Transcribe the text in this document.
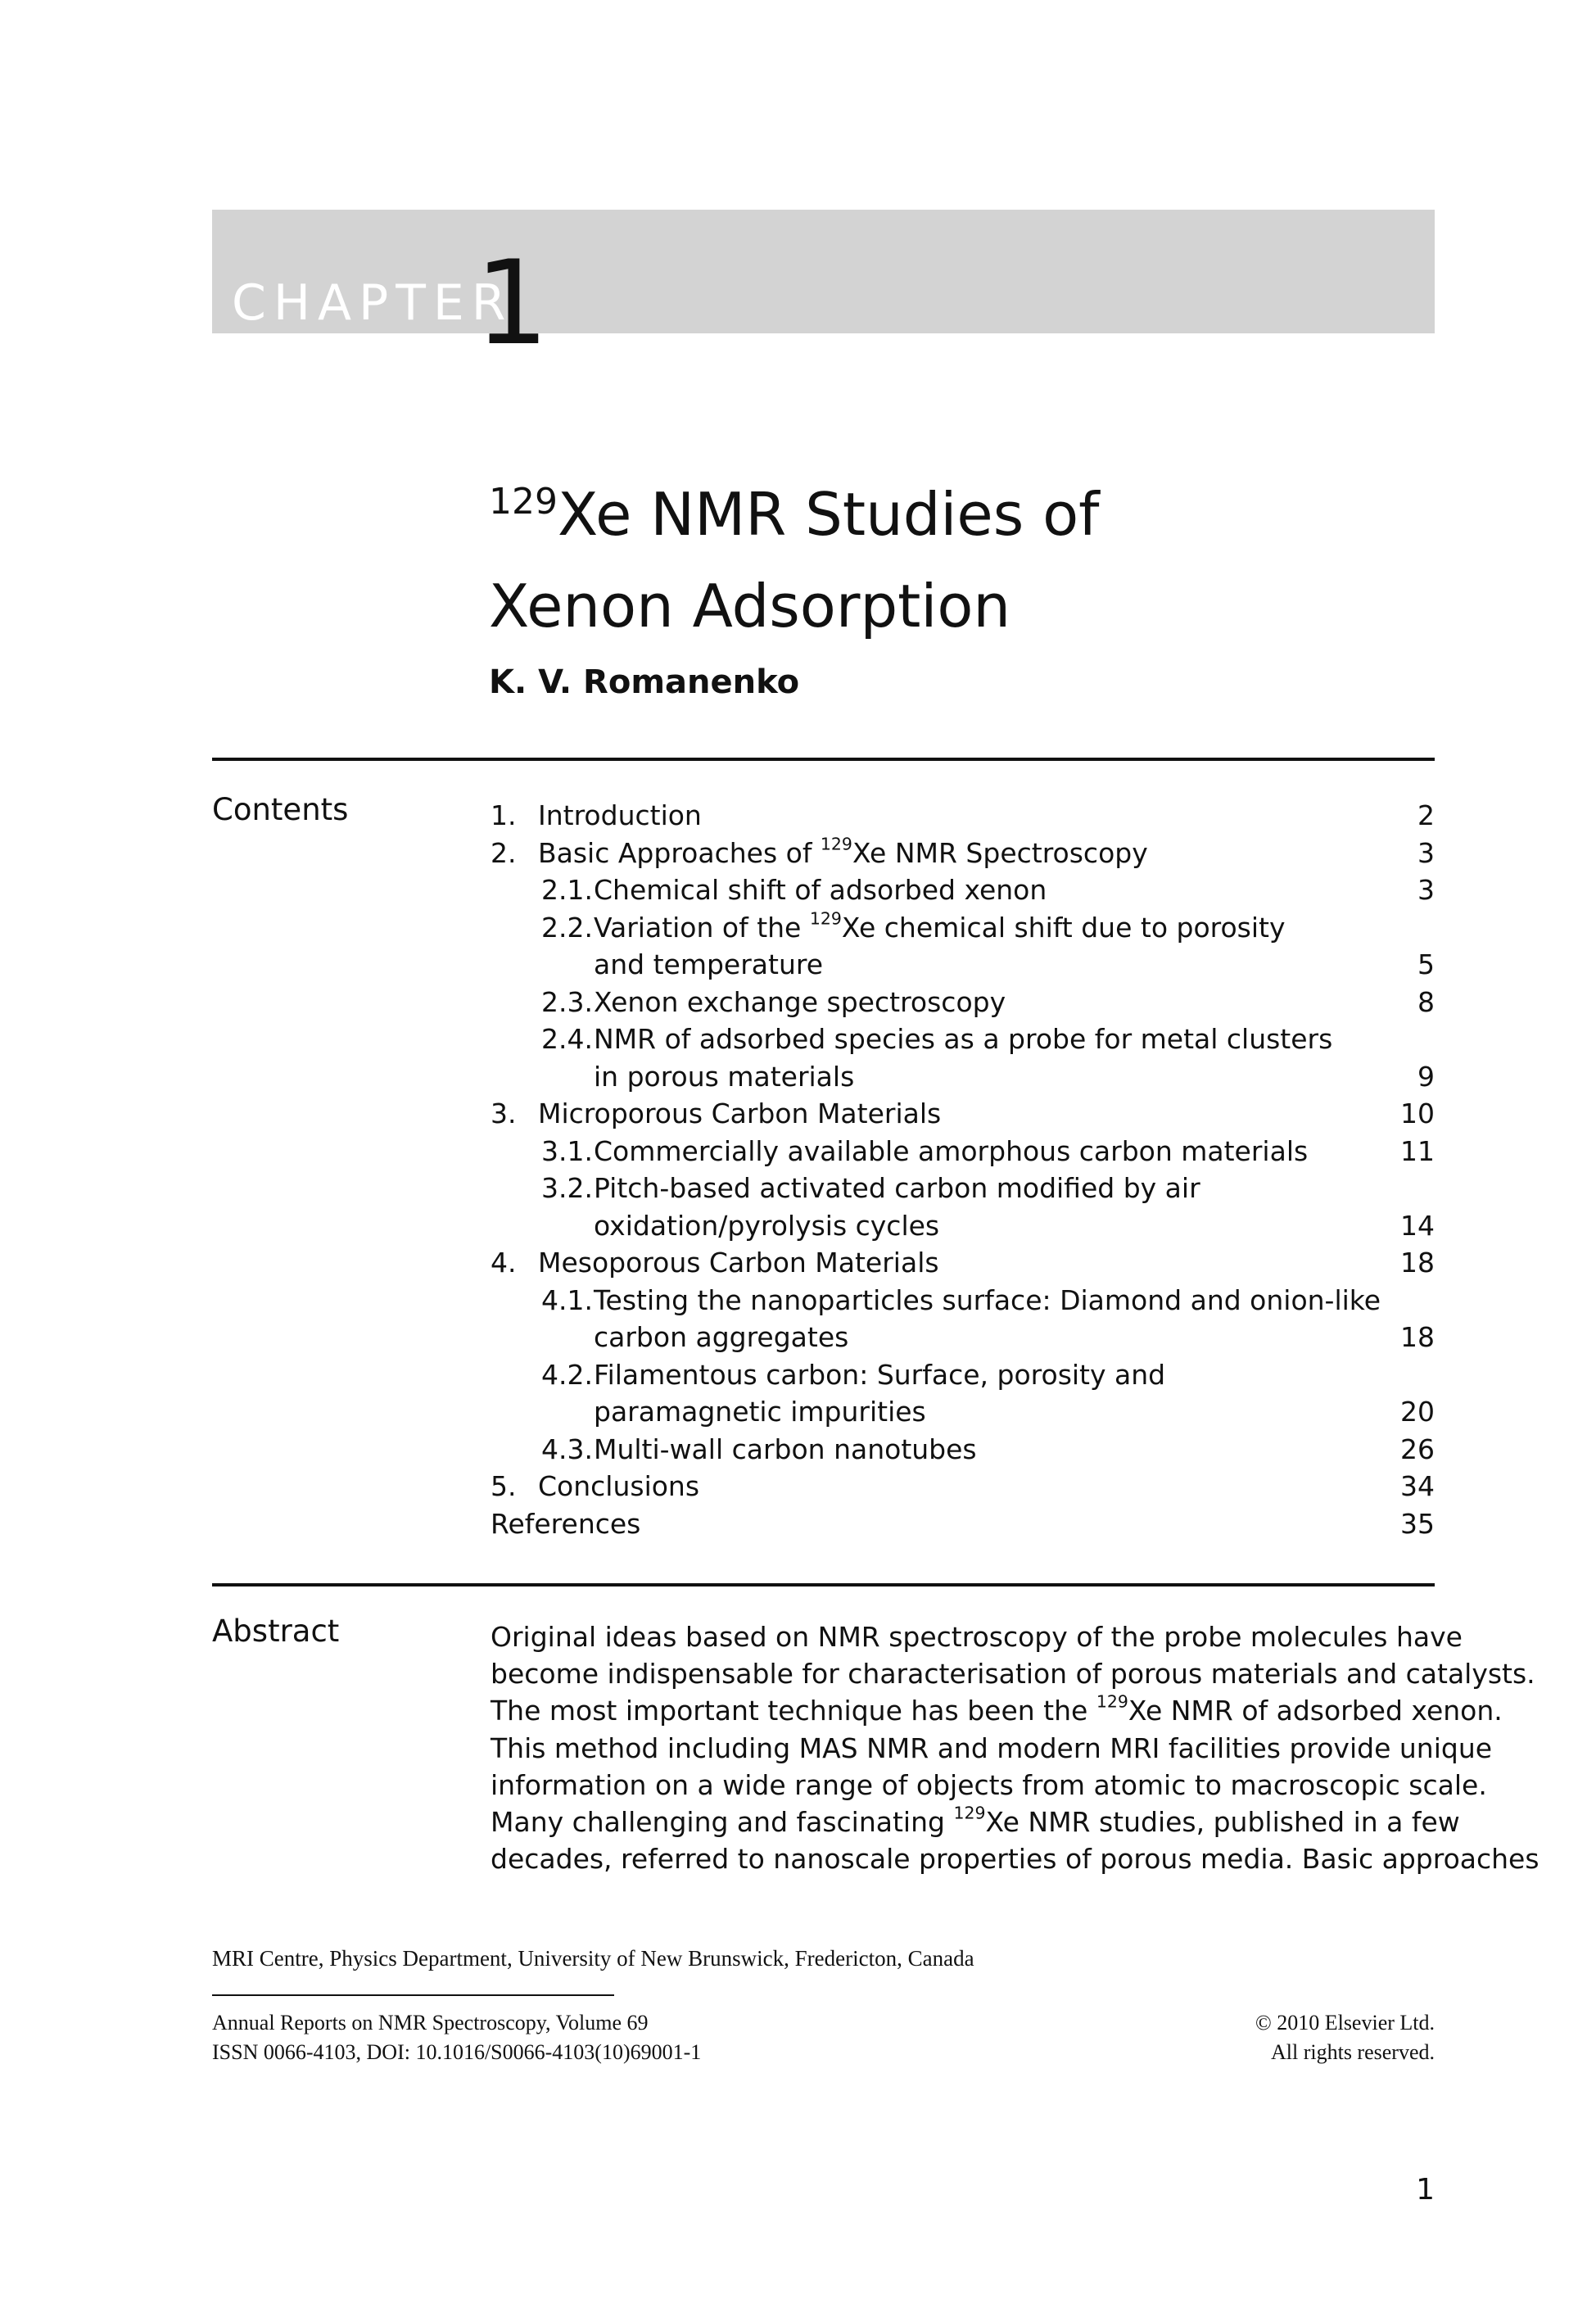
CHAPTER
1
$^{129}$Xe NMR Studies of
Xenon Adsorption
K. V. Romanenko
Contents	1. Introduction	2
2. Basic Approaches of $^{129}$Xe NMR Spectroscopy	3
2.1. Chemical shift of adsorbed xenon	3
2.2. Variation of the $^{129}$Xe chemical shift due to porosity
and temperature	5
2.3. Xenon exchange spectroscopy	8
2.4. NMR of adsorbed species as a probe for metal clusters
in porous materials	9
3. Microporous Carbon Materials	10
3.1. Commercially available amorphous carbon materials	11
3.2. Pitch-based activated carbon modified by air
oxidation/pyrolysis cycles	14
4. Mesoporous Carbon Materials	18
4.1. Testing the nanoparticles surface: Diamond and onion-like
carbon aggregates	18
4.2. Filamentous carbon: Surface, porosity and
paramagnetic impurities	20
4.3. Multi-wall carbon nanotubes	26
5. Conclusions	34
References	35
Abstract	Original ideas based on NMR spectroscopy of the probe molecules have
become indispensable for characterisation of porous materials and catalysts.
The most important technique has been the $^{129}$Xe NMR of adsorbed xenon.
This method including MAS NMR and modern MRI facilities provide unique
information on a wide range of objects from atomic to macroscopic scale.
Many challenging and fascinating $^{129}$Xe NMR studies, published in a few
decades, referred to nanoscale properties of porous media. Basic approaches
MRI Centre, Physics Department, University of New Brunswick, Fredericton, Canada
Annual Reports on NMR Spectroscopy, Volume 69
ISSN 0066-4103, DOI: 10.1016/S0066-4103(10)69001-1
© 2010 Elsevier Ltd.
All rights reserved.
1
